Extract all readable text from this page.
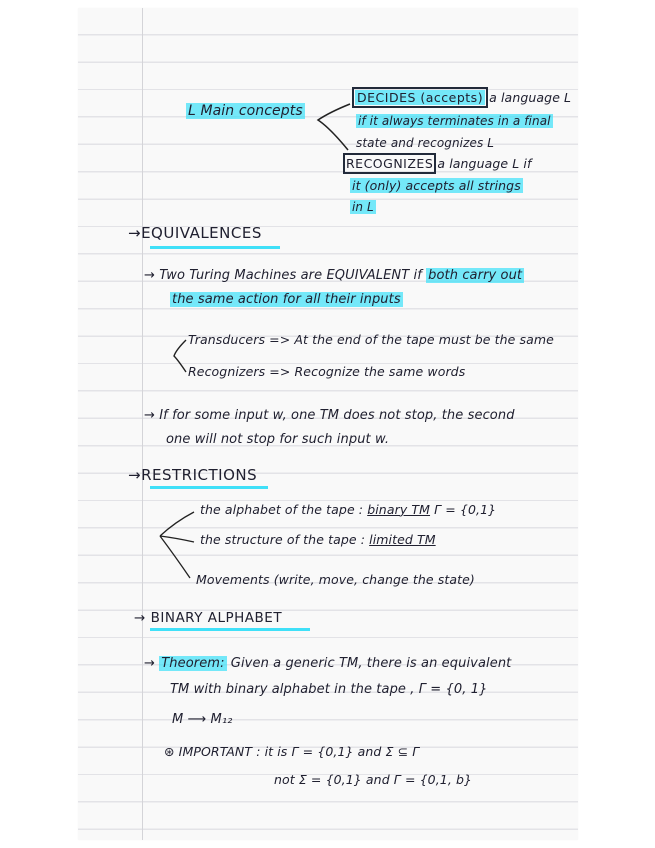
L Main concepts
DECIDES (accepts) a language L
if it always terminates in a final
state and recognizes L
RECOGNIZES a language L if
it (only) accepts all strings
in L
→EQUIVALENCES
→ Two Turing Machines are EQUIVALENT if both carry out
the same action for all their inputs
Transducers => At the end of the tape must be the same
Recognizers => Recognize the same words
→ If for some input w, one TM does not stop, the second
one will not stop for such input w.
→RESTRICTIONS
the alphabet of the tape : binary TM Γ = {0,1}
the structure of the tape : limited TM
Movements (write, move, change the state)
→ BINARY ALPHABET
→ Theorem: Given a generic TM, there is an equivalent
TM with binary alphabet in the tape , Γ = {0, 1}
M ⟶ M₁₂
⊛ IMPORTANT : it is Γ = {0,1} and Σ ⊆ Γ
not Σ = {0,1} and Γ = {0,1, b}
